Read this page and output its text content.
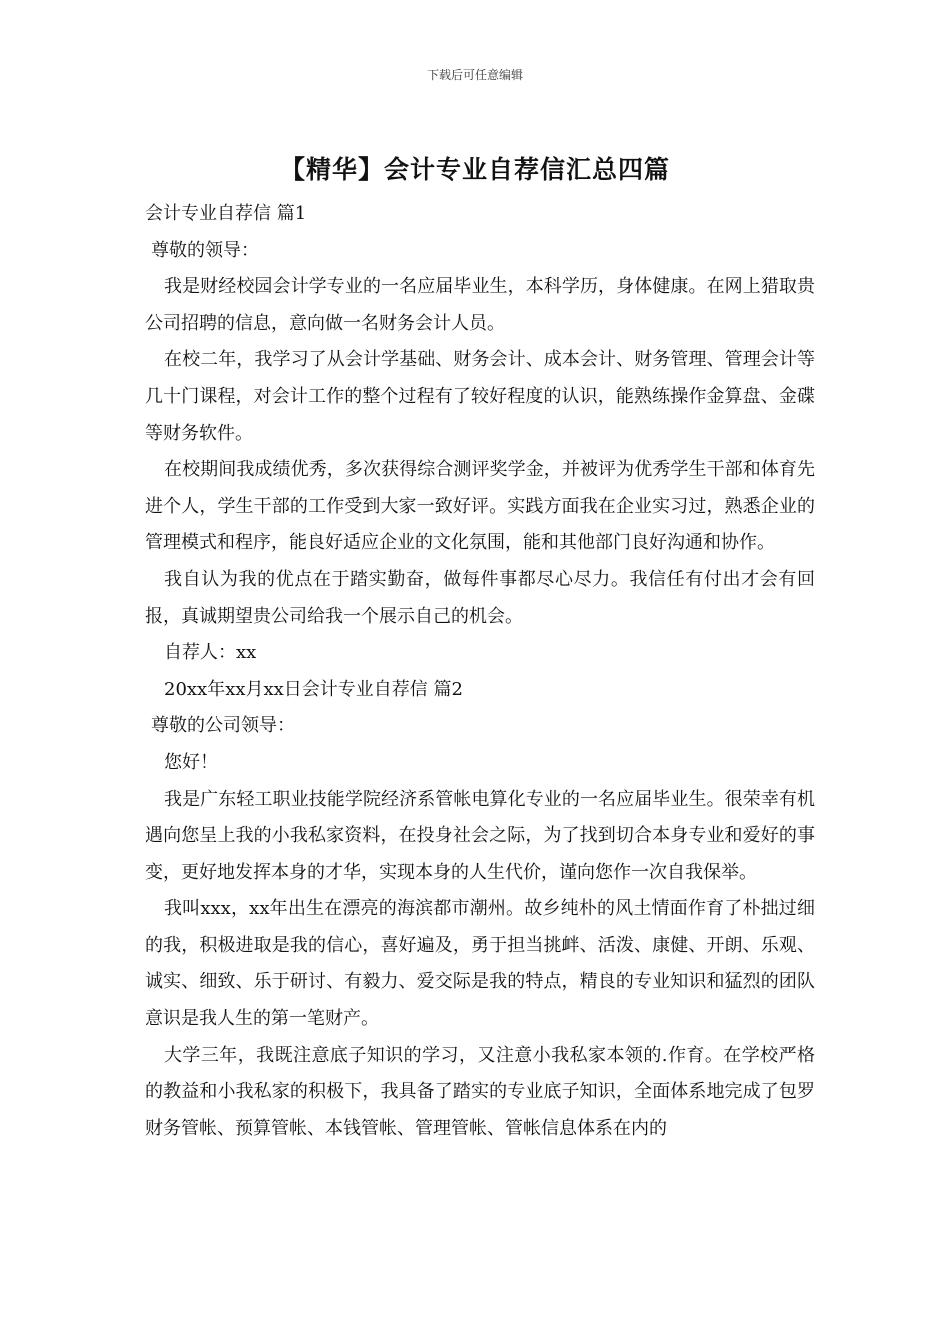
下载后可任意编辑
【精华】会计专业自荐信汇总四篇

会计专业自荐信 篇1

尊敬的领导：

我是财经校园会计学专业的一名应届毕业生，本科学历，身体健康。在网上猎取贵公司招聘的信息，意向做一名财务会计人员。

在校二年，我学习了从会计学基础、财务会计、成本会计、财务管理、管理会计等几十门课程，对会计工作的整个过程有了较好程度的认识，能熟练操作金算盘、金碟等财务软件。

在校期间我成绩优秀，多次获得综合测评奖学金，并被评为优秀学生干部和体育先进个人，学生干部的工作受到大家一致好评。实践方面我在企业实习过，熟悉企业的管理模式和程序，能良好适应企业的文化氛围，能和其他部门良好沟通和协作。

我自认为我的优点在于踏实勤奋，做每件事都尽心尽力。我信任有付出才会有回报，真诚期望贵公司给我一个展示自己的机会。

自荐人：xx

20xx年xx月xx日会计专业自荐信 篇2

尊敬的公司领导：

您好！

我是广东轻工职业技能学院经济系管帐电算化专业的一名应届毕业生。很荣幸有机遇向您呈上我的小我私家资料，在投身社会之际，为了找到切合本身专业和爱好的事变，更好地发挥本身的才华，实现本身的人生代价，谨向您作一次自我保举。

我叫xxx，xx年出生在漂亮的海滨都市潮州。故乡纯朴的风土情面作育了朴拙过细的我，积极进取是我的信心，喜好遍及，勇于担当挑衅、活泼、康健、开朗、乐观、诚实、细致、乐于研讨、有毅力、爱交际是我的特点，精良的专业知识和猛烈的团队意识是我人生的第一笔财产。

大学三年，我既注意底子知识的学习，又注意小我私家本领的.作育。在学校严格的教益和小我私家的积极下，我具备了踏实的专业底子知识，全面体系地完成了包罗财务管帐、预算管帐、本钱管帐、管理管帐、管帐信息体系在内的
